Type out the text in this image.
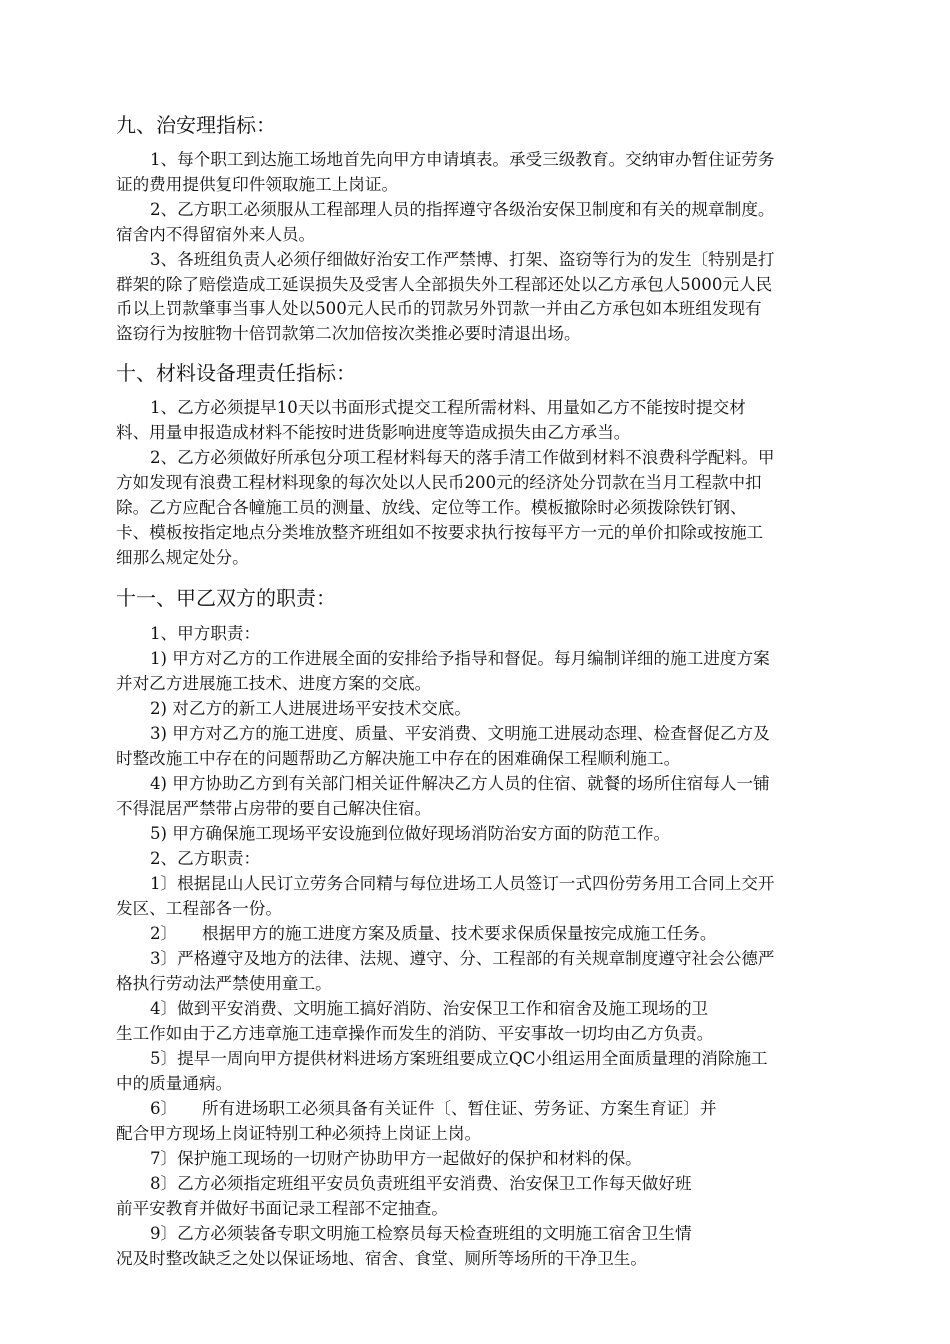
九、治安理指标：
1、每个职工到达施工场地首先向甲方申请填表。承受三级教育。交纳审办暂住证劳务
证的费用提供复印件领取施工上岗证。
2、乙方职工必须服从工程部理人员的指挥遵守各级治安保卫制度和有关的规章制度。
宿舍内不得留宿外来人员。
3、各班组负责人必须仔细做好治安工作严禁博、打架、盗窃等行为的发生〔特别是打
群架的除了赔偿造成工延误损失及受害人全部损失外工程部还处以乙方承包人5000元人民
币以上罚款肇事当事人处以500元人民币的罚款另外罚款一并由乙方承包如本班组发现有
盗窃行为按脏物十倍罚款第二次加倍按次类推必要时清退出场。
十、材料设备理责任指标：
1、乙方必须提早10天以书面形式提交工程所需材料、用量如乙方不能按时提交材
料、用量申报造成材料不能按时进货影响进度等造成损失由乙方承当。
2、乙方必须做好所承包分项工程材料每天的落手清工作做到材料不浪费科学配料。甲
方如发现有浪费工程材料现象的每次处以人民币200元的经济处分罚款在当月工程款中扣
除。乙方应配合各幢施工员的测量、放线、定位等工作。模板撤除时必须拨除铁钉钢、
卡、模板按指定地点分类堆放整齐班组如不按要求执行按每平方一元的单价扣除或按施工
细那么规定处分。
十一、甲乙双方的职责：
1、甲方职责：
1) 甲方对乙方的工作进展全面的安排给予指导和督促。每月编制详细的施工进度方案
并对乙方进展施工技术、进度方案的交底。
2) 对乙方的新工人进展进场平安技术交底。
3) 甲方对乙方的施工进度、质量、平安消费、文明施工进展动态理、检查督促乙方及
时整改施工中存在的问题帮助乙方解决施工中存在的困难确保工程顺利施工。
4) 甲方协助乙方到有关部门相关证件解决乙方人员的住宿、就餐的场所住宿每人一铺
不得混居严禁带占房带的要自己解决住宿。
5) 甲方确保施工现场平安设施到位做好现场消防治安方面的防范工作。
2、乙方职责：
1〕根据昆山人民订立劳务合同精与每位进场工人员签订一式四份劳务用工合同上交开
发区、工程部各一份。
2〕　　根据甲方的施工进度方案及质量、技术要求保质保量按完成施工任务。
3〕严格遵守及地方的法律、法规、遵守、分、工程部的有关规章制度遵守社会公德严
格执行劳动法严禁使用童工。
4〕做到平安消费、文明施工搞好消防、治安保卫工作和宿舍及施工现场的卫
生工作如由于乙方违章施工违章操作而发生的消防、平安事故一切均由乙方负责。
5〕提早一周向甲方提供材料进场方案班组要成立QC小组运用全面质量理的消除施工
中的质量通病。
6〕　　所有进场职工必须具备有关证件〔、暂住证、劳务证、方案生育证〕并
配合甲方现场上岗证特别工种必须持上岗证上岗。
7〕保护施工现场的一切财产协助甲方一起做好的保护和材料的保。
8〕乙方必须指定班组平安员负责班组平安消费、治安保卫工作每天做好班
前平安教育并做好书面记录工程部不定抽查。
9〕乙方必须装备专职文明施工检察员每天检查班组的文明施工宿舍卫生情
况及时整改缺乏之处以保证场地、宿舍、食堂、厕所等场所的干净卫生。
